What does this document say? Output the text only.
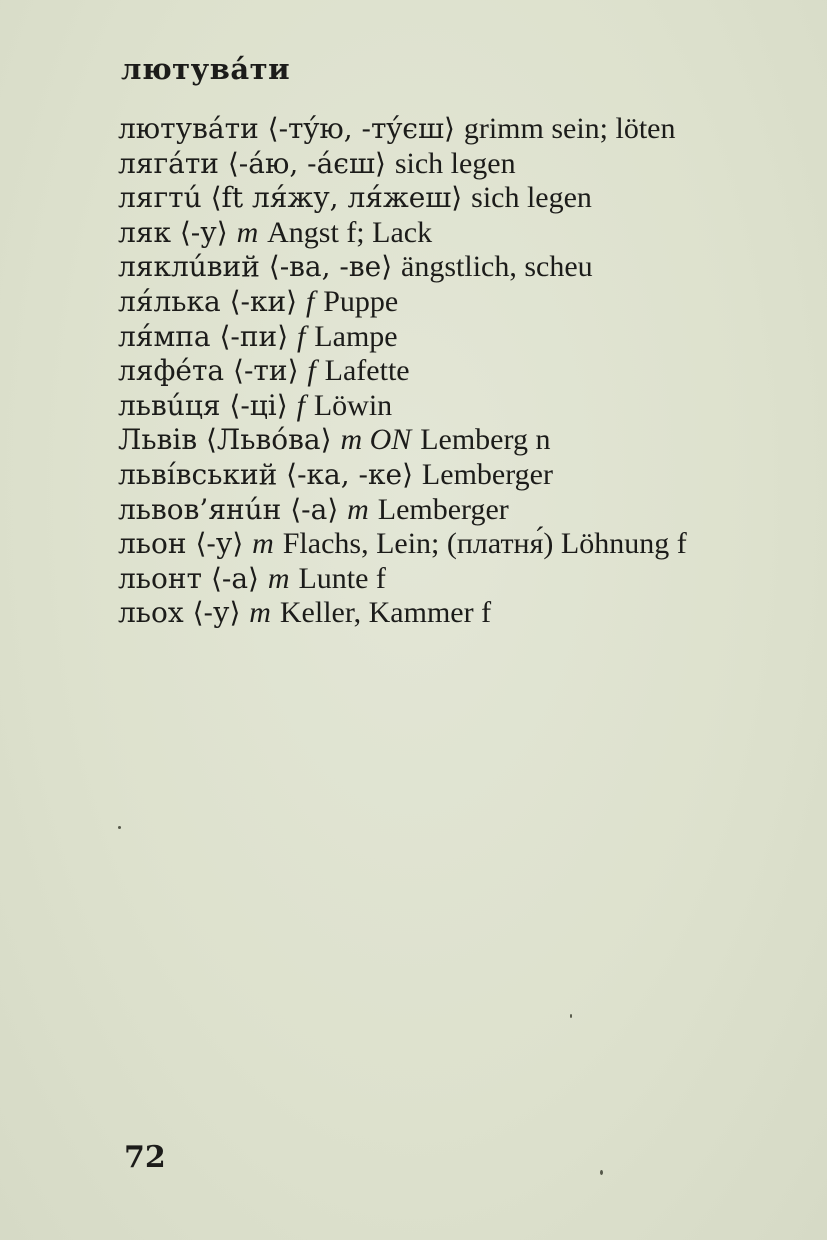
лютувáти
лютувáти ⟨-тýю, -тýєш⟩ grimm sein; löten
лягáти ⟨-áю, -áєш⟩ sich legen
лягтú ⟨ft ля́жу, ля́жеш⟩ sich legen
ляк ⟨-у⟩ m Angst f; Lack
ляклúвий ⟨-ва, -ве⟩ ängstlich, scheu
ля́лька ⟨-ки⟩ f Puppe
ля́мпа ⟨-пи⟩ f Lampe
ляфéта ⟨-ти⟩ f Lafette
львúця ⟨-ці⟩ f Löwin
Львів ⟨Львóва⟩ m ON Lemberg n
львíвський ⟨-ка, -ке⟩ Lemberger
львов’янúн ⟨-а⟩ m Lemberger
льон ⟨-у⟩ m Flachs, Lein; (платня́) Löhnung f
льонт ⟨-а⟩ m Lunte f
льох ⟨-у⟩ m Keller, Kammer f
72
